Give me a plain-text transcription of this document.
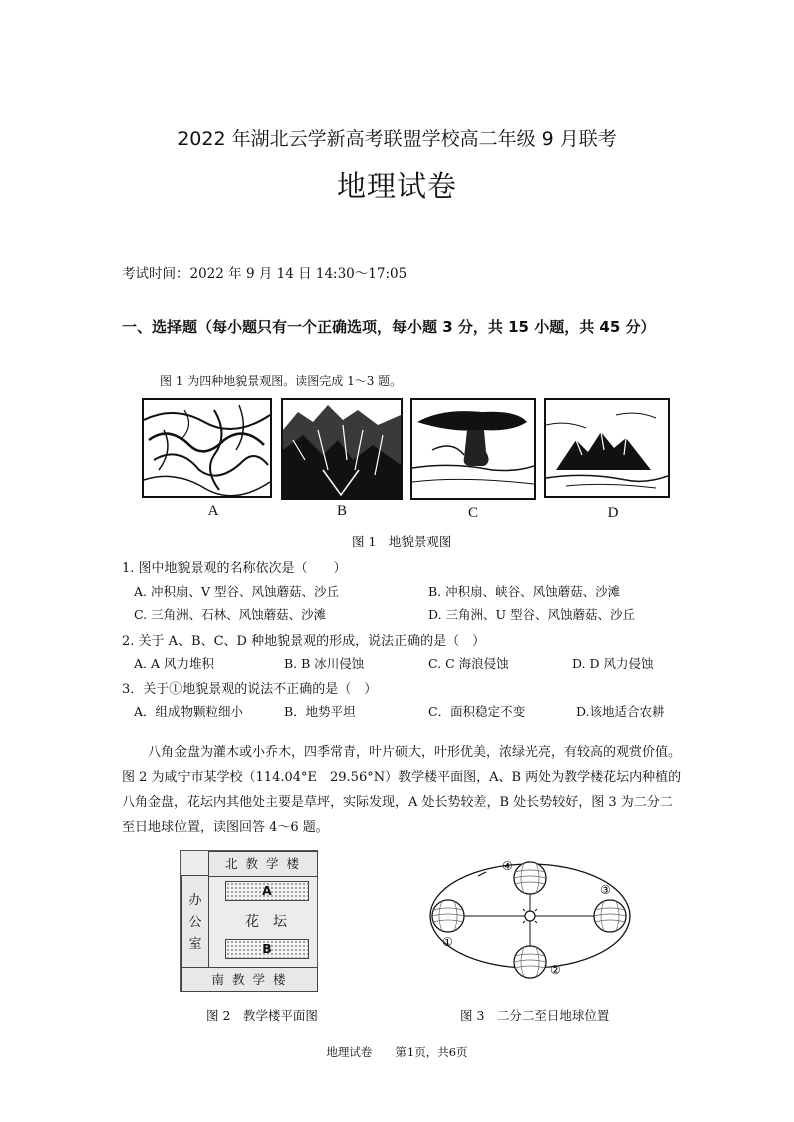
2022 年湖北云学新高考联盟学校高二年级 9 月联考
地理试卷
考试时间：2022 年 9 月 14 日 14:30～17:05
一、选择题（每小题只有一个正确选项，每小题 3 分，共 15 小题，共 45 分）
图 1 为四种地貌景观图。读图完成 1～3 题。
A	B	C	D
图 1　地貌景观图
1. 图中地貌景观的名称依次是（　　）
A. 冲积扇、V 型谷、风蚀蘑菇、沙丘	B. 冲积扇、峡谷、风蚀蘑菇、沙滩
C. 三角洲、石林、风蚀蘑菇、沙滩	D. 三角洲、U 型谷、风蚀蘑菇、沙丘
2. 关于 A、B、C、D 种地貌景观的形成，说法正确的是（　）
A. A 风力堆积	B. B 冰川侵蚀	C. C 海浪侵蚀	D. D 风力侵蚀
3．关于①地貌景观的说法不正确的是（　）
A．组成物颗粒细小	B．地势平坦	C．面积稳定不变	D.该地适合农耕
八角金盘为灌木或小乔木，四季常青，叶片硕大，叶形优美，浓绿光亮，有较高的观赏价值。图 2 为咸宁市某学校（114.04°E　29.56°N）教学楼平面图，A、B 两处为教学楼花坛内种植的八角金盘，花坛内其他处主要是草坪，实际发现，A 处长势较差，B 处长势较好，图 3 为二分二至日地球位置，读图回答 4～6 题。
北 教 学 楼
办公室
A
花　坛
B
南 教 学 楼
图 2　教学楼平面图
④
①
③
②
图 3　二分二至日地球位置
地理试卷　　第1页，共6页
